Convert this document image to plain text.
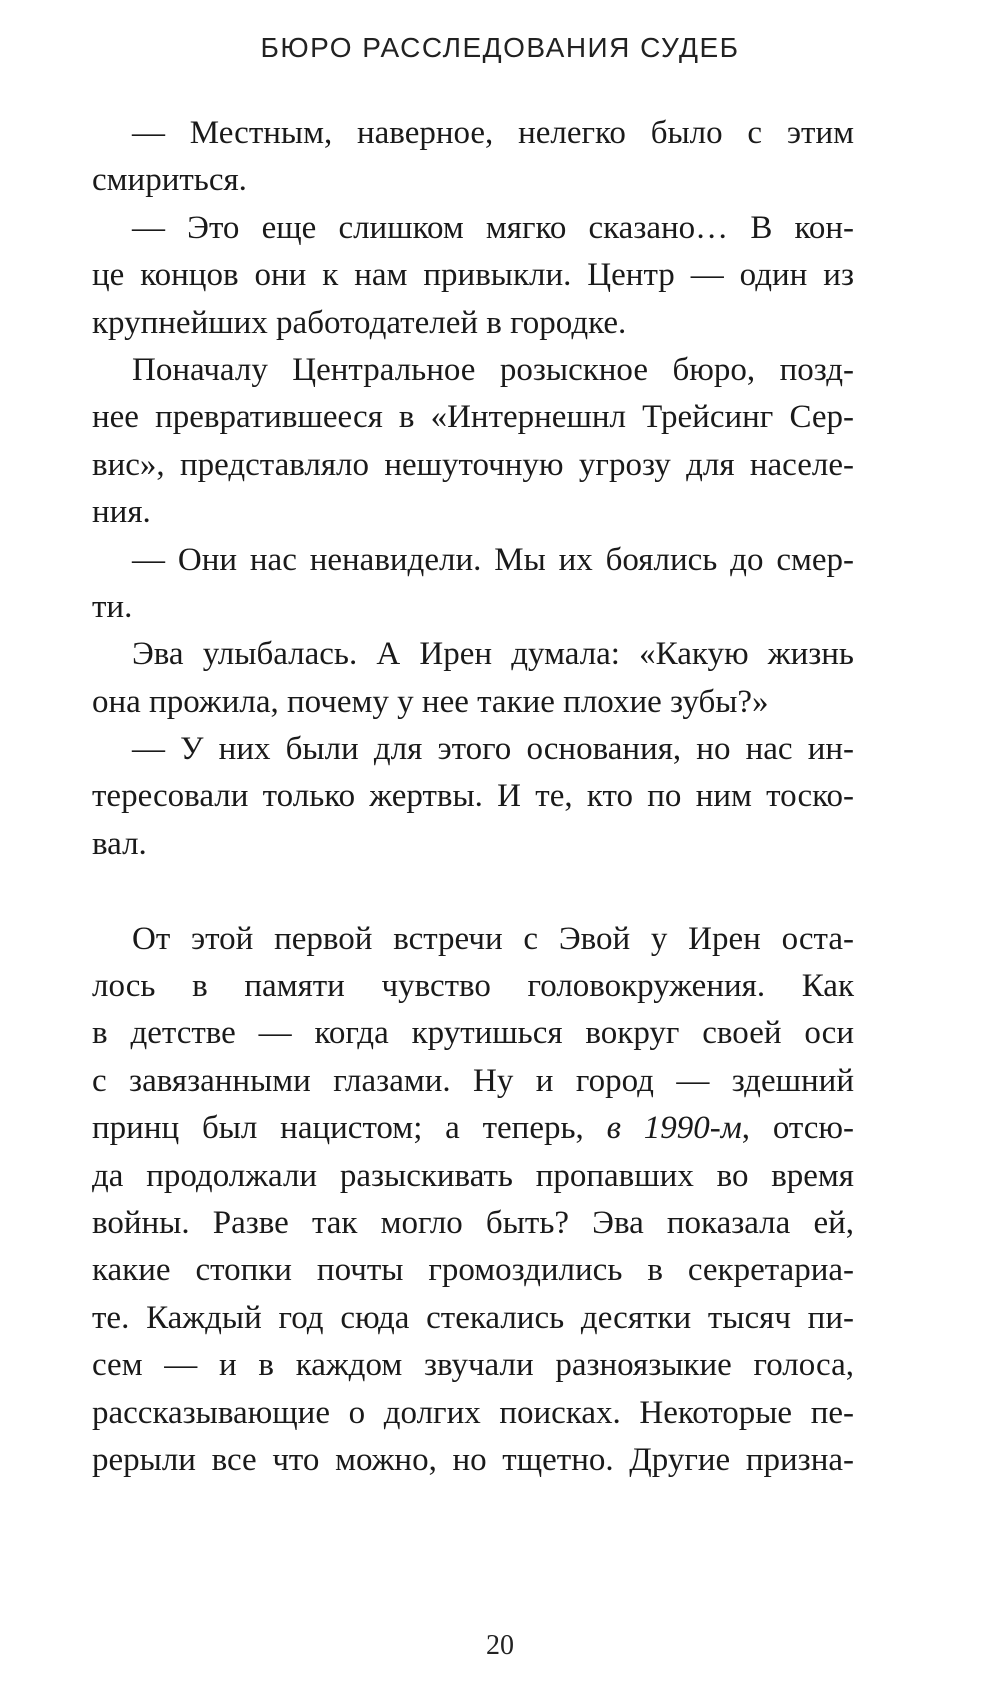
БЮРО РАССЛЕДОВАНИЯ СУДЕБ
— Местным, наверное, нелегко было с этим
смириться.
— Это еще слишком мягко сказано… В кон-
це концов они к нам привыкли. Центр — один из
крупнейших работодателей в городке.
Поначалу Центральное розыскное бюро, позд-
нее превратившееся в «Интернешнл Трейсинг Сер-
вис», представляло нешуточную угрозу для населе-
ния.
— Они нас ненавидели. Мы их боялись до смер-
ти.
Эва улыбалась. А Ирен думала: «Какую жизнь
она прожила, почему у нее такие плохие зубы?»
— У них были для этого основания, но нас ин-
тересовали только жертвы. И те, кто по ним тоско-
вал.
От этой первой встречи с Эвой у Ирен оста-
лось в памяти чувство головокружения. Как
в детстве — когда крутишься вокруг своей оси
с завязанными глазами. Ну и город — здешний
принц был нацистом; а теперь, в 1990-м, отсю-
да продолжали разыскивать пропавших во время
войны. Разве так могло быть? Эва показала ей,
какие стопки почты громоздились в секретариа-
те. Каждый год сюда стекались десятки тысяч пи-
сем — и в каждом звучали разноязыкие голоса,
рассказывающие о долгих поисках. Некоторые пе-
рерыли все что можно, но тщетно. Другие призна-
20
